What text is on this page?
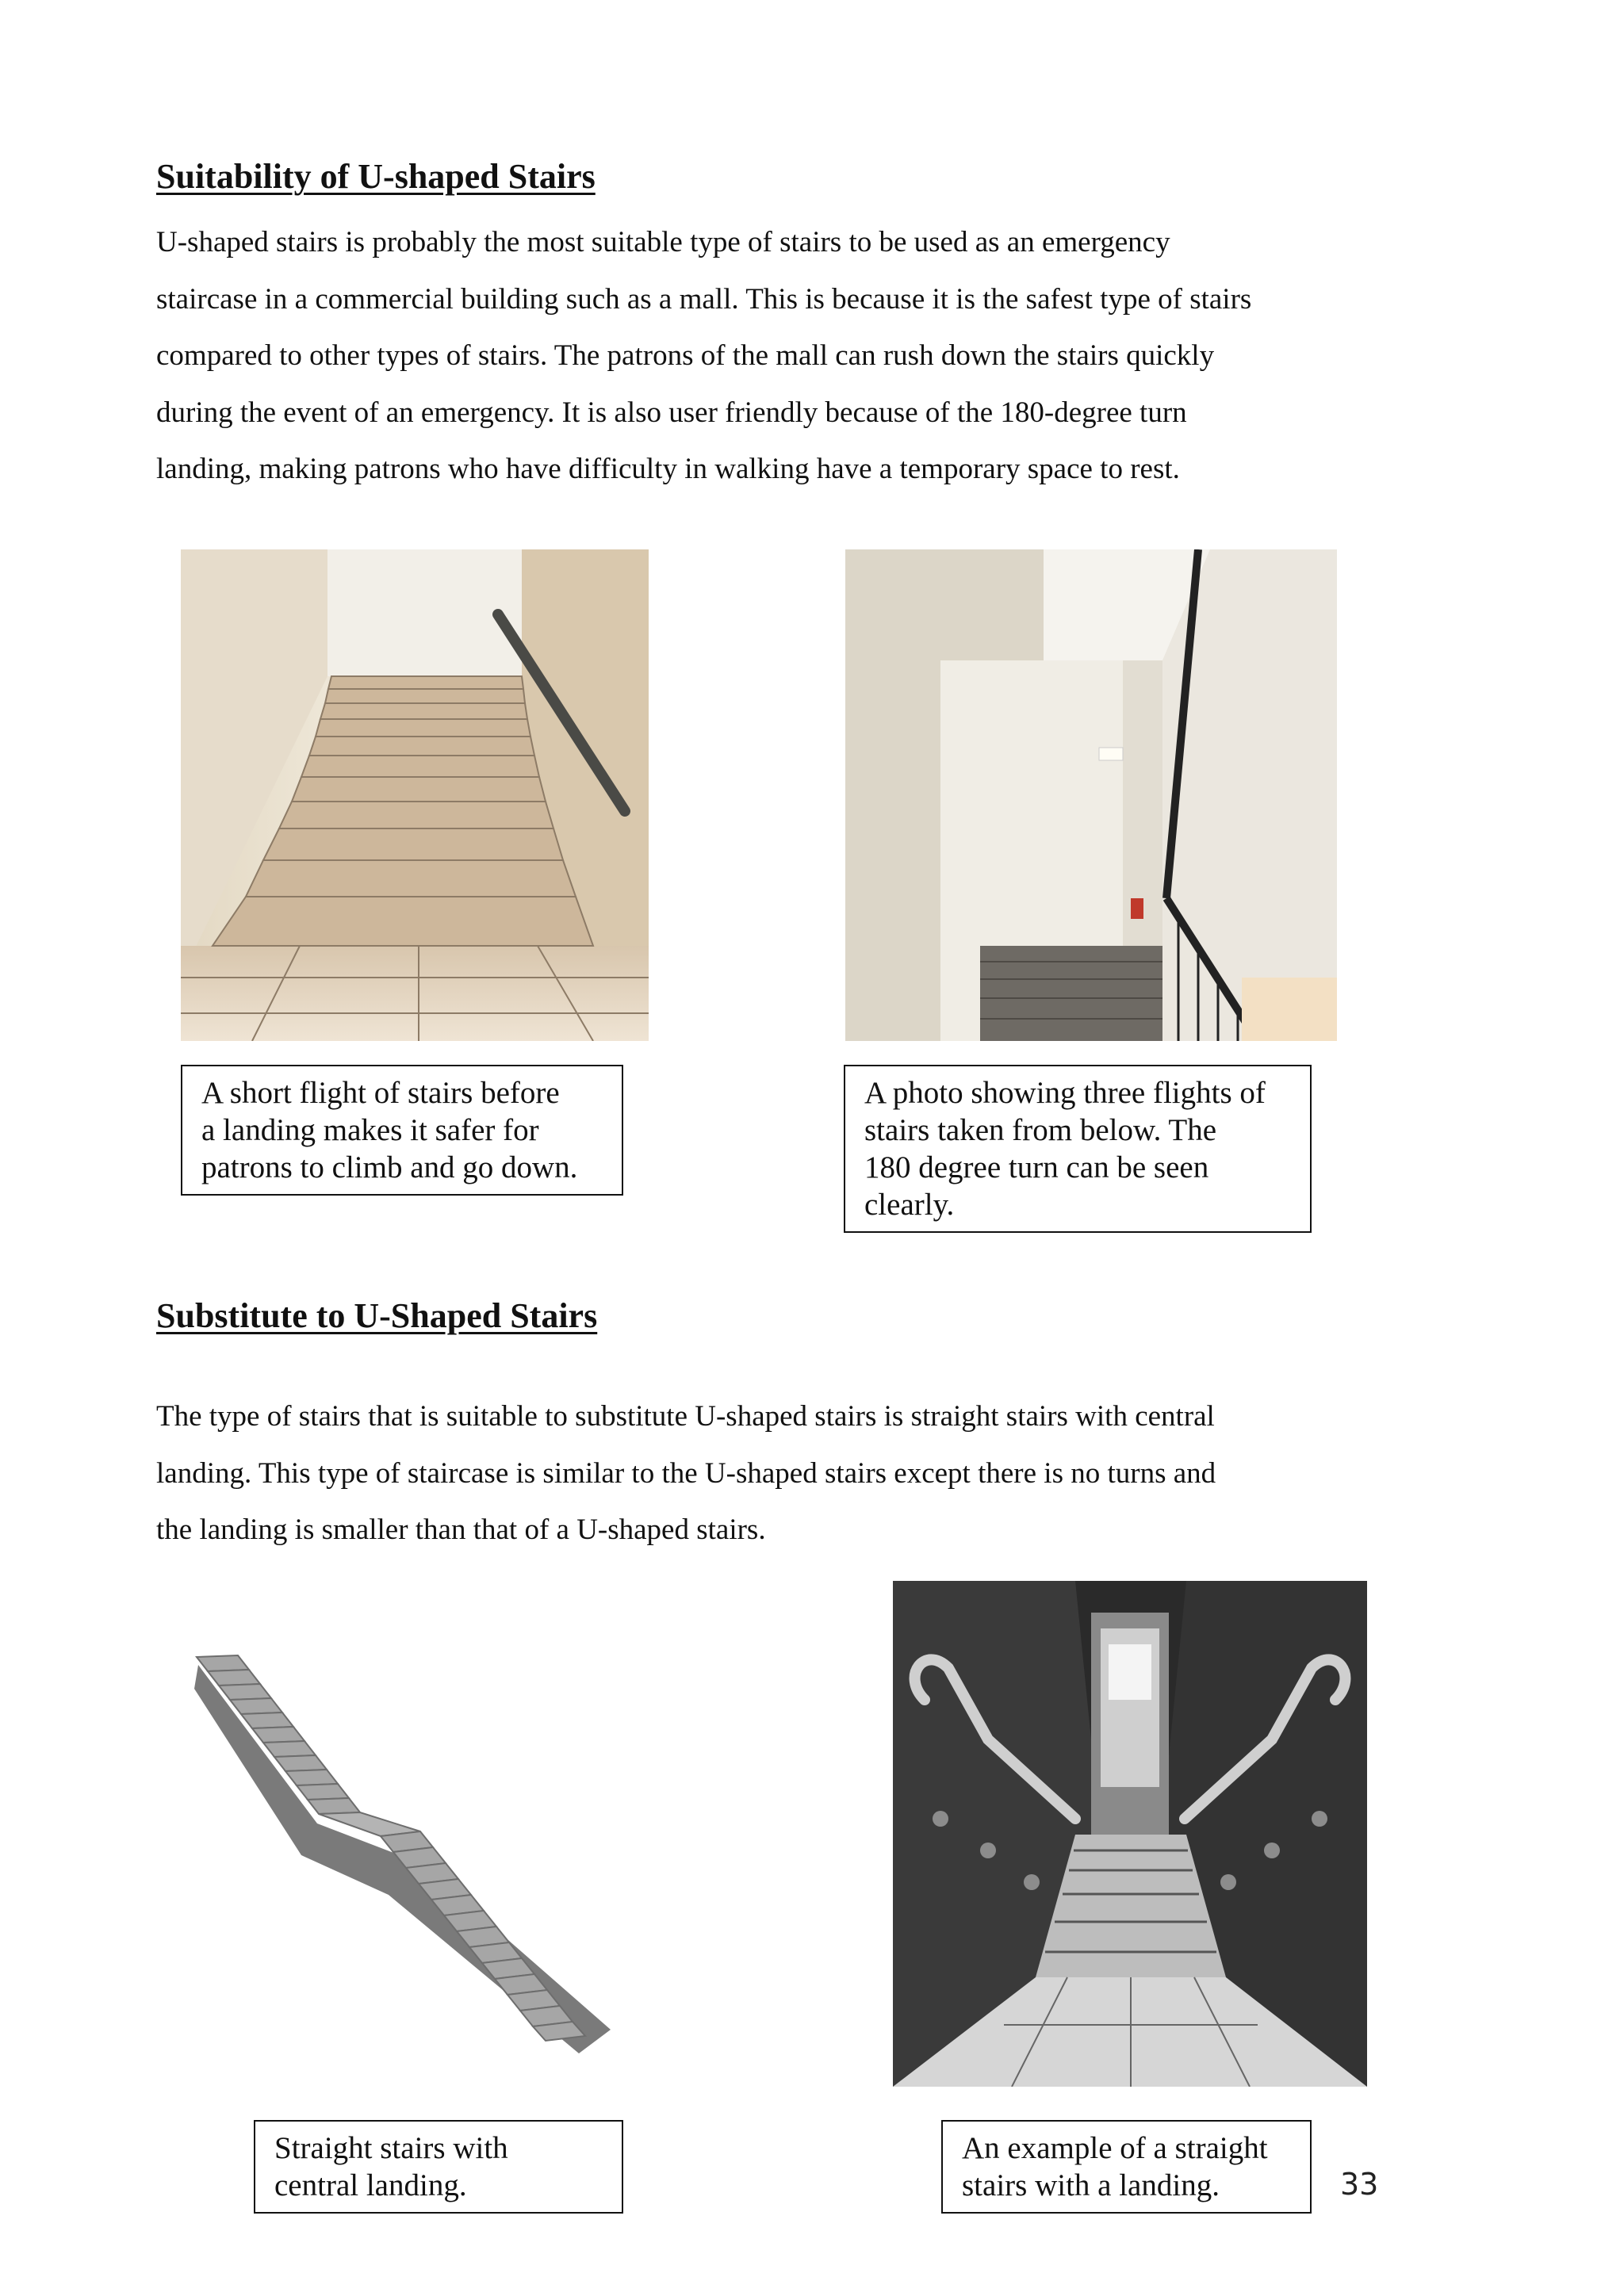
Suitability of U-shaped Stairs

U-shaped stairs is probably the most suitable type of stairs to be used as an emergency
staircase in a commercial building such as a mall. This is because it is the safest type of stairs
compared to other types of stairs. The patrons of the mall can rush down the stairs quickly
during the event of an emergency. It is also user friendly because of the 180-degree turn
landing, making patrons who have difficulty in walking have a temporary space to rest.

A short flight of stairs before
a landing makes it safer for
patrons to climb and go down.
A photo showing three flights of
stairs taken from below. The
180 degree turn can be seen
clearly.
Substitute to U-Shaped Stairs

The type of stairs that is suitable to substitute U-shaped stairs is straight stairs with central
landing. This type of staircase is similar to the U-shaped stairs except there is no turns and
the landing is smaller than that of a U-shaped stairs.

Straight stairs with
central landing.
An example of a straight
stairs with a landing.	33
